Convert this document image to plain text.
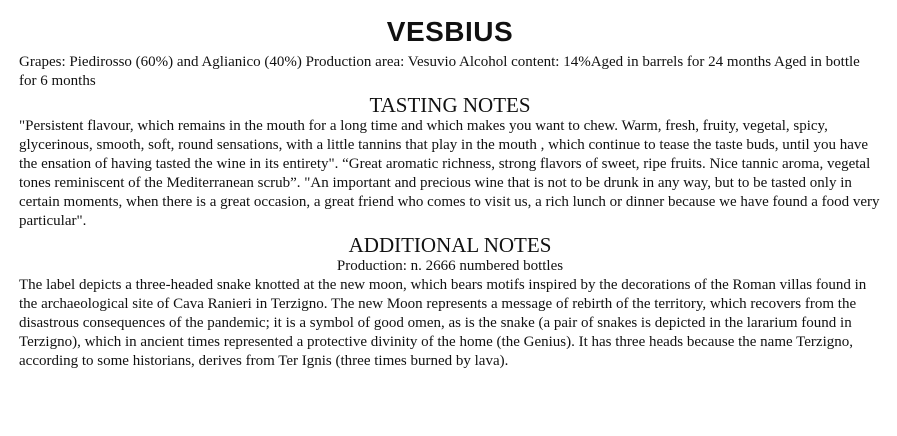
VESBIUS

Grapes: Piedirosso (60%) and Aglianico (40%) Production area: Vesuvio Alcohol content: 14%Aged in barrels for 24 months Aged in bottle for 6 months

TASTING NOTES

"Persistent flavour, which remains in the mouth for a long time and which makes you want to chew. Warm, fresh, fruity, vegetal, spicy, glycerinous, smooth, soft, round sensations, with a little tannins that play in the mouth , which continue to tease the taste buds, until you have the ensation of having tasted the wine in its entirety". “Great aromatic richness, strong flavors of sweet, ripe fruits. Nice tannic aroma, vegetal tones reminiscent of the Mediterranean scrub”. "An important and precious wine that is not to be drunk in any way, but to be tasted only in certain moments, when there is a great occasion, a great friend who comes to visit us, a rich lunch or dinner because we have found a food very particular".

ADDITIONAL NOTES

Production: n. 2666 numbered bottles

The label depicts a three-headed snake knotted at the new moon, which bears motifs inspired by the decorations of the Roman villas found in the archaeological site of Cava Ranieri in Terzigno. The new Moon represents a message of rebirth of the territory, which recovers from the disastrous consequences of the pandemic; it is a symbol of good omen, as is the snake (a pair of snakes is depicted in the lararium found in Terzigno), which in ancient times represented a protective divinity of the home (the Genius). It has three heads because the name Terzigno, according to some historians, derives from Ter Ignis (three times burned by lava).
